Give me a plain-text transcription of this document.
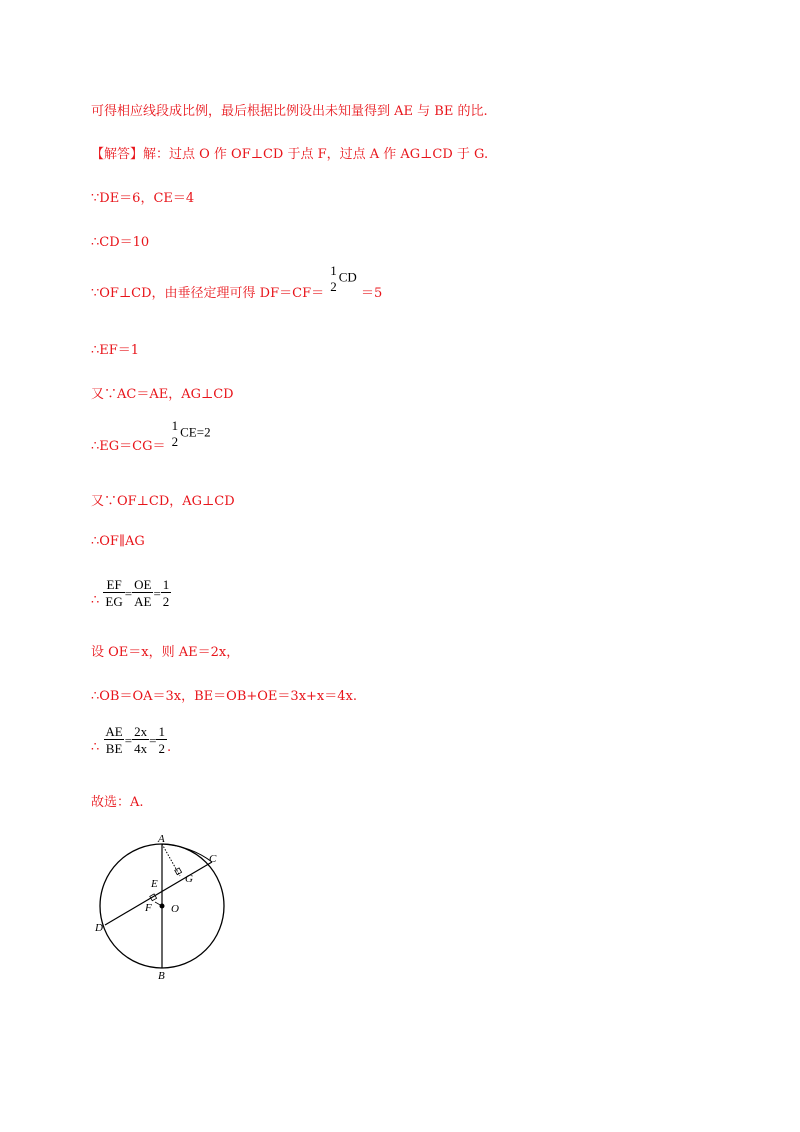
可得相应线段成比例，最后根据比例设出未知量得到 AE 与 BE 的比.
【解答】解：过点 O 作 OF⊥CD 于点 F，过点 A 作 AG⊥CD 于 G.
∵DE＝6，CE＝4
∴CD＝10
∵OF⊥CD，由垂径定理可得 DF＝CF＝
1
2
CD ＝5
∴EF＝1
又∵AC＝AE，AG⊥CD
∴EG＝CG＝
1
2
CE=2
又∵OF⊥CD，AG⊥CD
∴OF∥AG
∴ $\frac{EF}{EG} = \frac{OE}{AE} = \frac{1}{2}$
设 OE＝x，则 AE＝2x，
∴OB＝OA＝3x，BE＝OB+OE＝3x+x＝4x.
∴ $\frac{AE}{BE} = \frac{2x}{4x} = \frac{1}{2}$ .
故选：A.
A
B
C
D
E
F
G
O
